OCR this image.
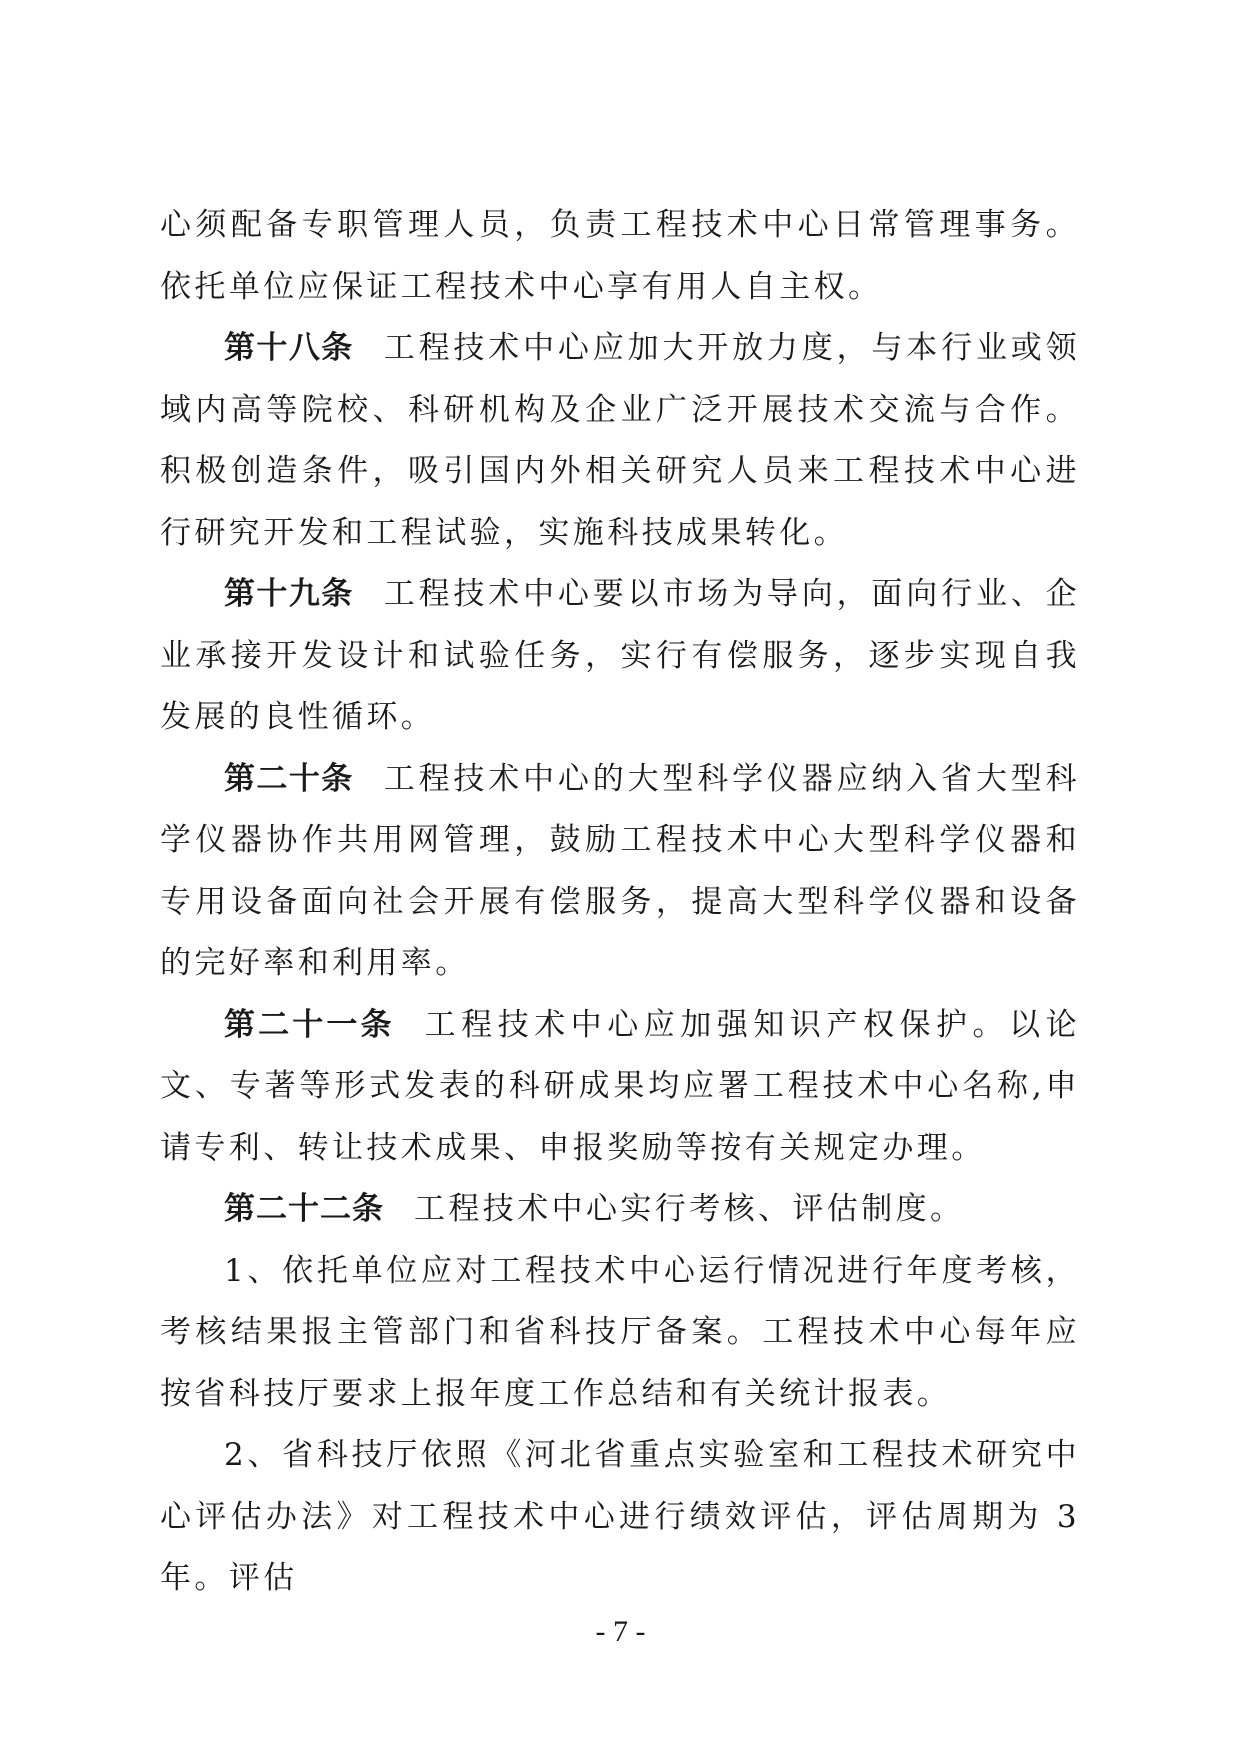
心须配备专职管理人员，负责工程技术中心日常管理事务。依托单位应保证工程技术中心享有用人自主权。

第十八条 工程技术中心应加大开放力度，与本行业或领域内高等院校、科研机构及企业广泛开展技术交流与合作。积极创造条件，吸引国内外相关研究人员来工程技术中心进行研究开发和工程试验，实施科技成果转化。

第十九条 工程技术中心要以市场为导向，面向行业、企业承接开发设计和试验任务，实行有偿服务，逐步实现自我发展的良性循环。

第二十条 工程技术中心的大型科学仪器应纳入省大型科学仪器协作共用网管理，鼓励工程技术中心大型科学仪器和专用设备面向社会开展有偿服务，提高大型科学仪器和设备的完好率和利用率。

第二十一条 工程技术中心应加强知识产权保护。以论文、专著等形式发表的科研成果均应署工程技术中心名称,申请专利、转让技术成果、申报奖励等按有关规定办理。

第二十二条 工程技术中心实行考核、评估制度。

1、依托单位应对工程技术中心运行情况进行年度考核，考核结果报主管部门和省科技厅备案。工程技术中心每年应按省科技厅要求上报年度工作总结和有关统计报表。

2、省科技厅依照《河北省重点实验室和工程技术研究中心评估办法》对工程技术中心进行绩效评估，评估周期为 3 年。评估

- 7 -
